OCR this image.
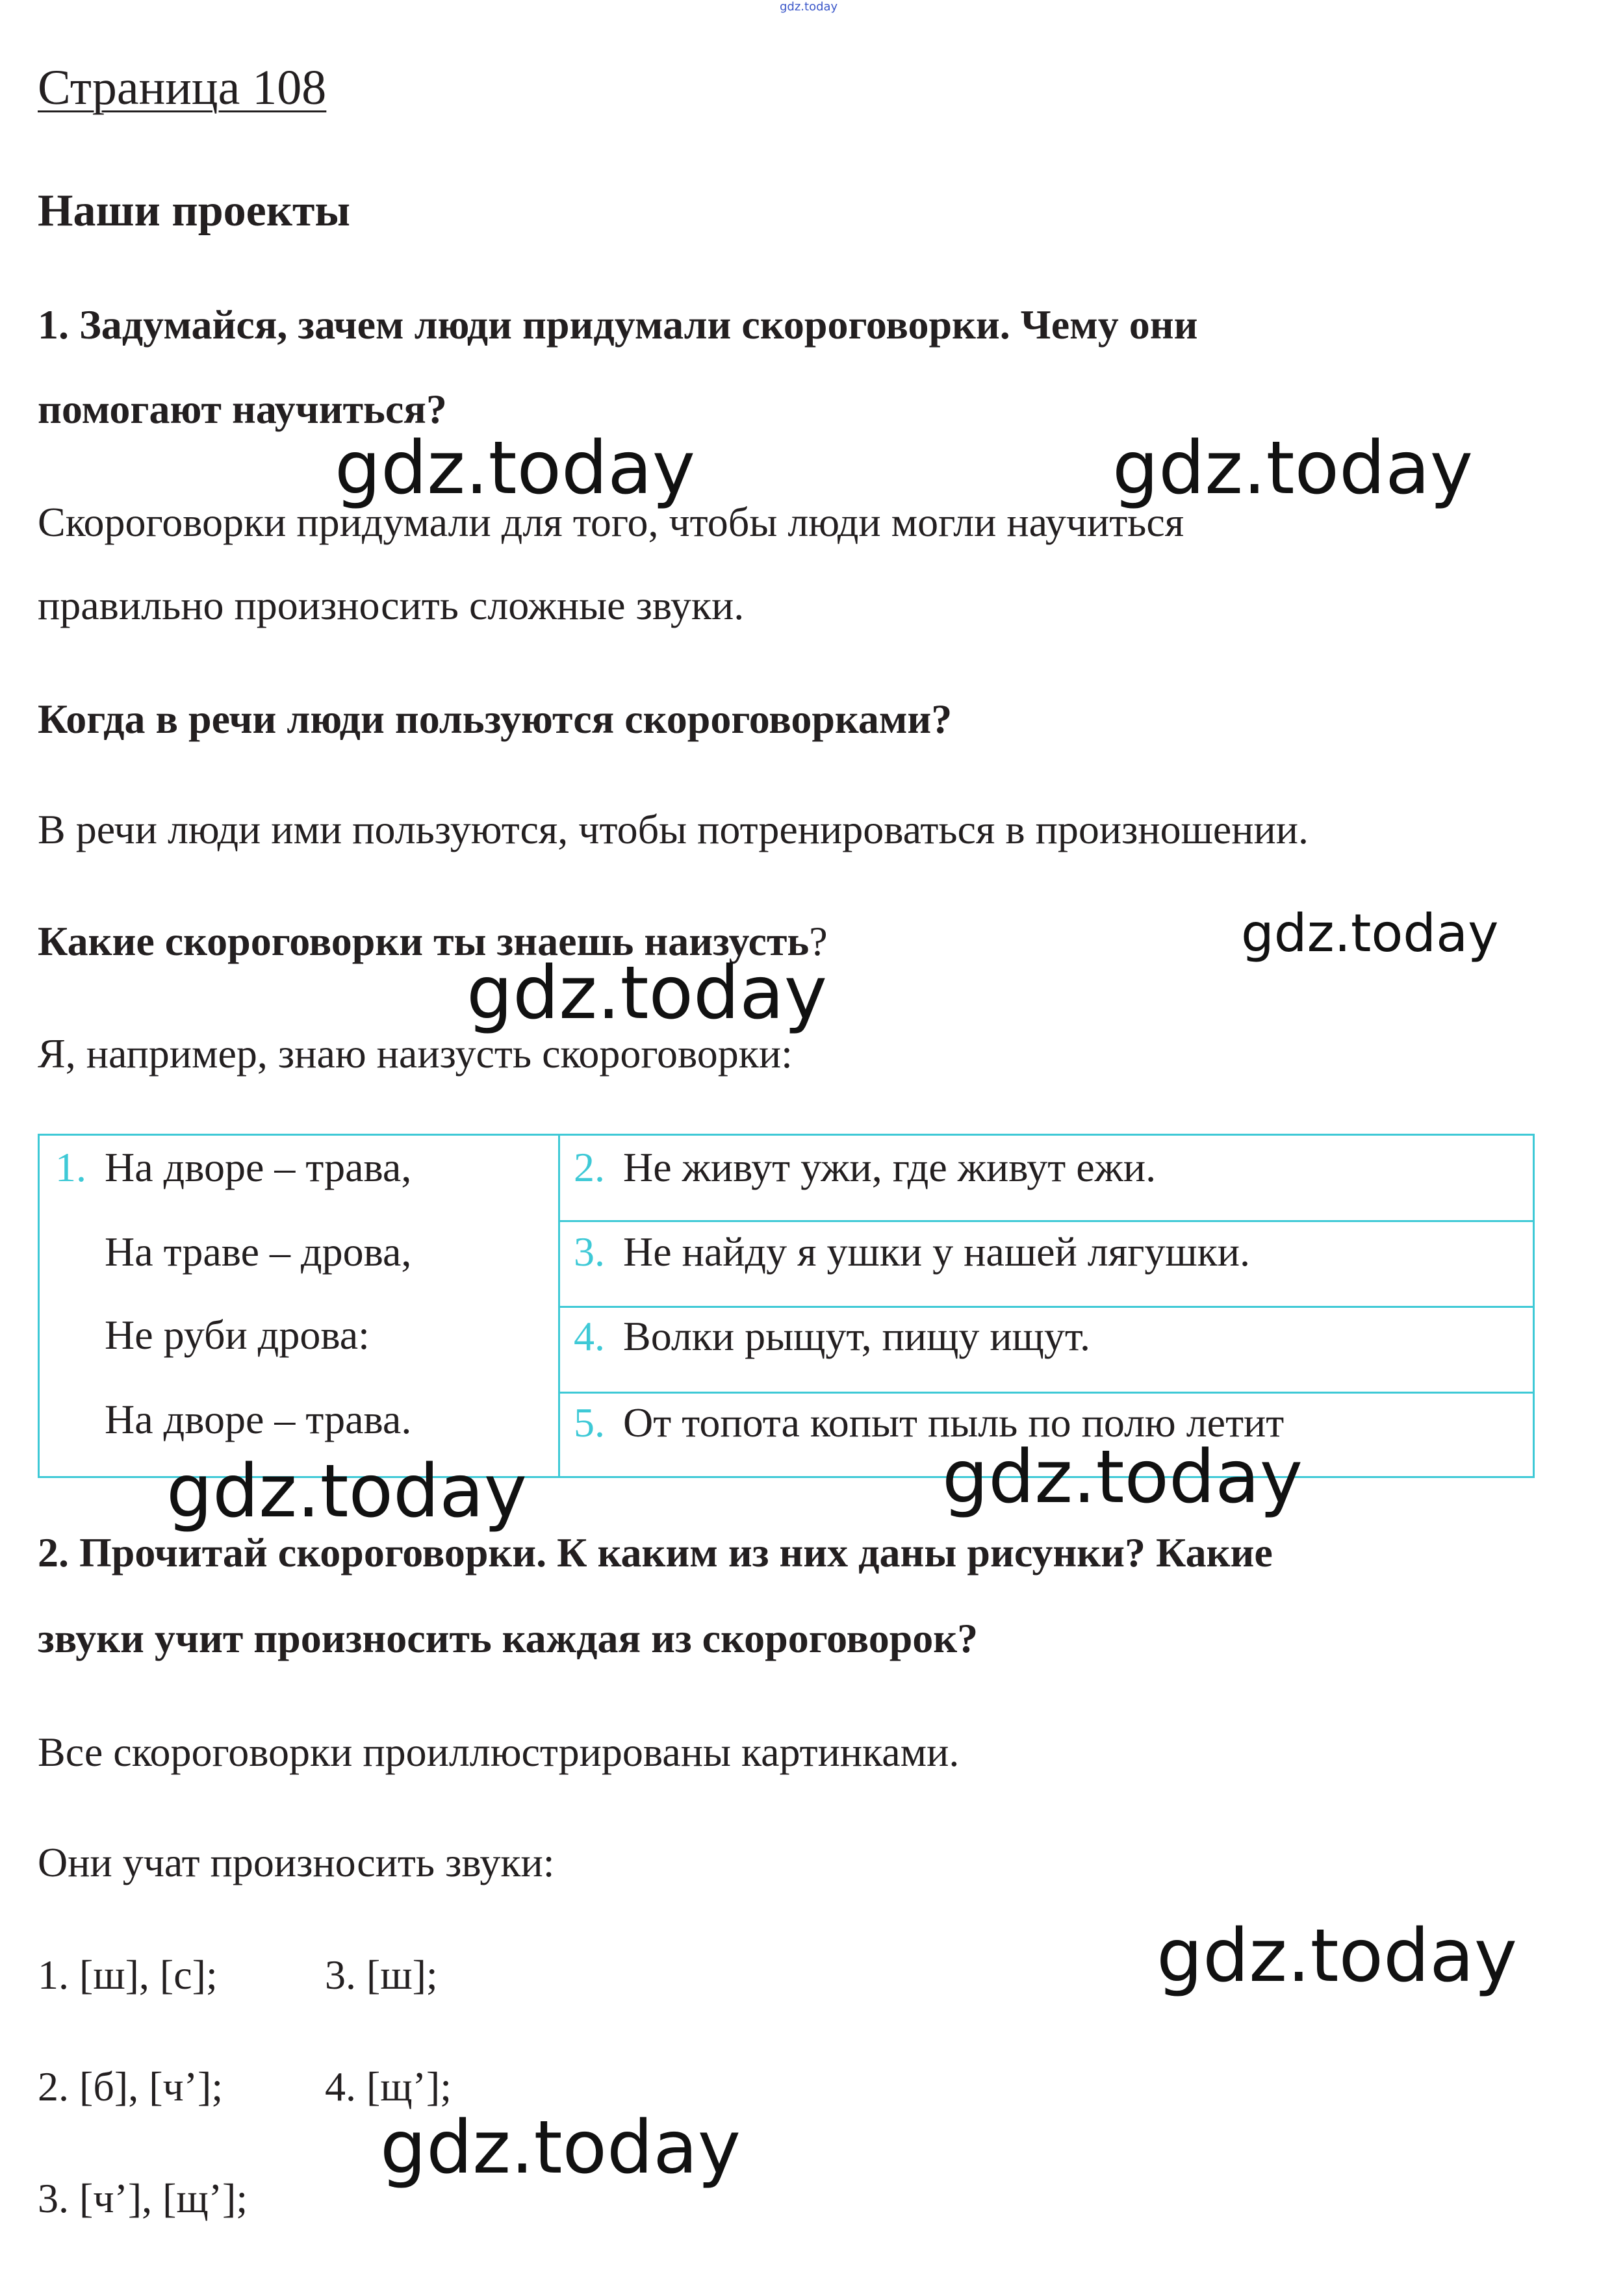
gdz.today
Страница 108
Наши проекты
1. Задумайся, зачем люди придумали скороговорки. Чему они
помогают научиться?
Скороговорки придумали для того, чтобы люди могли научиться
правильно произносить сложные звуки.
Когда в речи люди пользуются скороговорками?
В речи люди ими пользуются, чтобы потренироваться в произношении.
Какие скороговорки ты знаешь наизусть?
Я, например, знаю наизусть скороговорки:
1. На дворе – трава,
На траве – дрова,
Не руби дрова:
На дворе – трава.
2. Не живут ужи, где живут ежи.
3. Не найду я ушки у нашей лягушки.
4. Волки рыщут, пищу ищут.
5. От топота копыт пыль по полю летит
2. Прочитай скороговорки. К каким из них даны рисунки? Какие
звуки учит произносить каждая из скороговорок?
Все скороговорки проиллюстрированы картинками.
Они учат произносить звуки:
1. [ш], [с];	3. [ш];
2. [б], [ч’]; 4. [щ’];
3. [ч’], [щ’];
gdz.today	gdz.today
gdz.today
gdz.today
gdz.today	gdz.today
gdz.today
gdz.today
